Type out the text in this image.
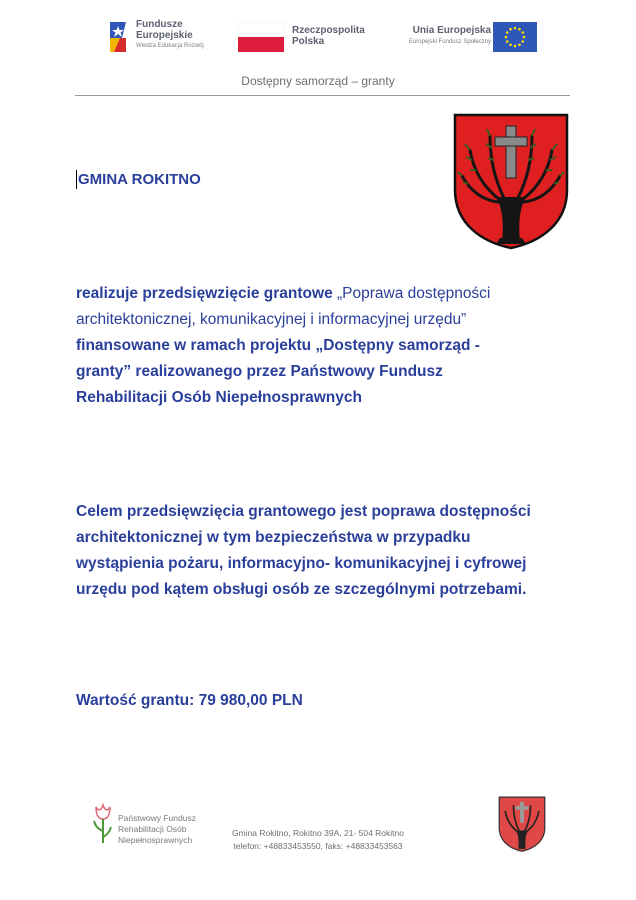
Fundusze
Europejskie
Wiedza Edukacja Rozwój
Rzeczpospolita
Polska
Unia Europejska
Europejski Fundusz Społeczny
Dostępny samorząd – granty
GMINA ROKITNO
realizuje przedsięwzięcie grantowe „Poprawa dostępności
architektonicznej, komunikacyjnej i informacyjnej urzędu”
finansowane w ramach projektu „Dostępny samorząd -
granty” realizowanego przez Państwowy Fundusz
Rehabilitacji Osób Niepełnosprawnych
Celem przedsięwzięcia grantowego jest poprawa dostępności
architektonicznej w tym bezpieczeństwa w przypadku
wystąpienia pożaru, informacyjno- komunikacyjnej i cyfrowej
urzędu pod kątem obsługi osób ze szczególnymi potrzebami.
Wartość grantu: 79 980,00 PLN
Państwowy Fundusz
Rehabilitacji Osób
Niepełnosprawnych
Gmina Rokitno, Rokitno 39A, 21- 504 Rokitno
telefon: +48833453550, faks: +48833453563
